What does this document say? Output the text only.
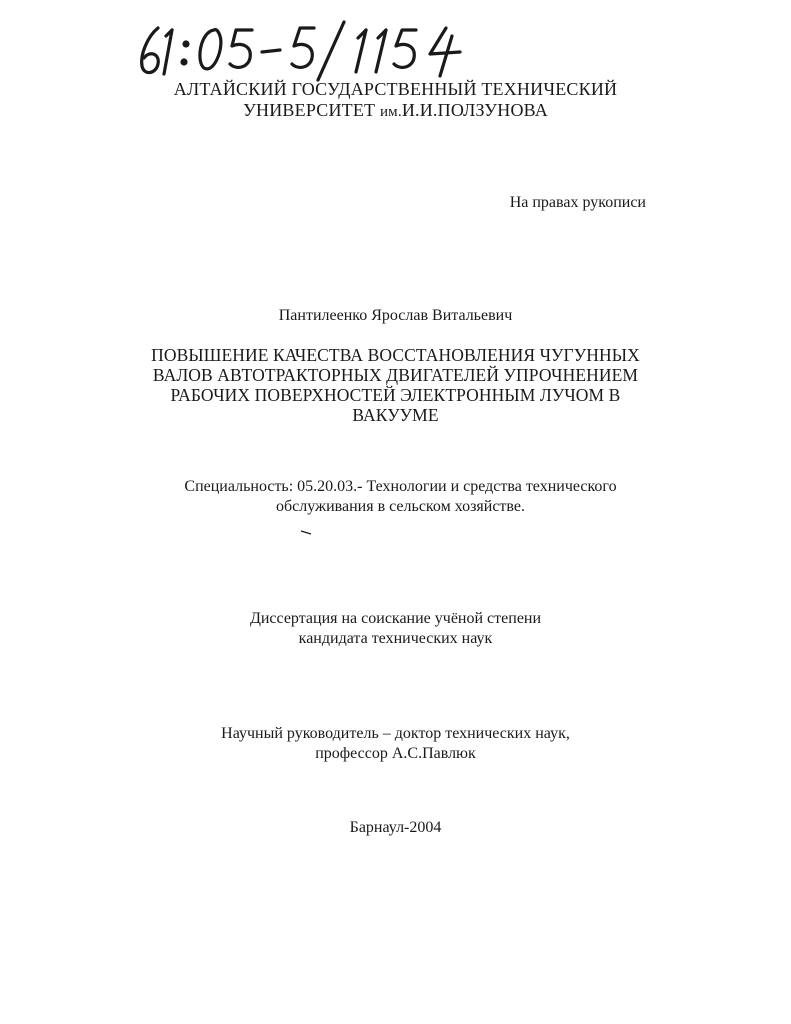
АЛТАЙСКИЙ ГОСУДАРСТВЕННЫЙ ТЕХНИЧЕСКИЙ
УНИВЕРСИТЕТ им.И.И.ПОЛЗУНОВА
На правах рукописи
Пантилеенко Ярослав Витальевич
ПОВЫШЕНИЕ КАЧЕСТВА ВОССТАНОВЛЕНИЯ ЧУГУННЫХ
ВАЛОВ АВТОТРАКТОРНЫХ ДВИГАТЕЛЕЙ УПРОЧНЕНИЕМ
РАБОЧИХ ПОВЕРХНОСТЕЙ ЭЛЕКТРОННЫМ ЛУЧОМ В
ВАКУУМЕ
Специальность: 05.20.03.- Технологии и средства технического
обслуживания в сельском хозяйстве.
Диссертация на соискание учёной степени
кандидата технических наук
Научный руководитель – доктор технических наук,
профессор А.С.Павлюк
Барнаул-2004
